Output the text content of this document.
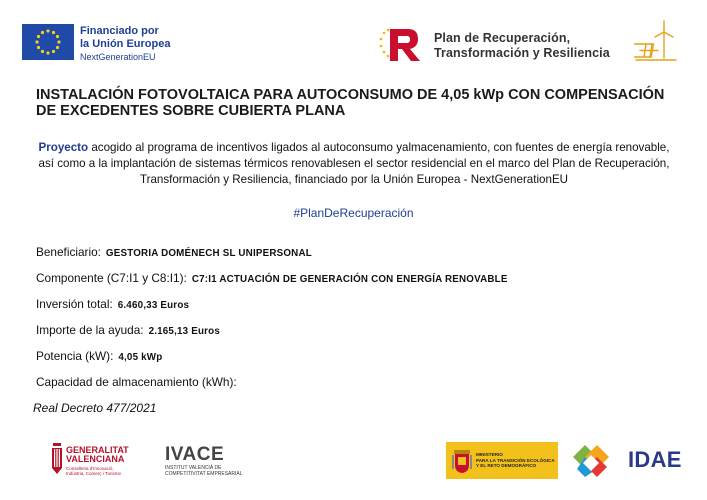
Financiado por
la Unión Europea
NextGenerationEU
Plan de Recuperación,
Transformación y Resiliencia
INSTALACIÓN FOTOVOLTAICA PARA AUTOCONSUMO DE 4,05 kWp CON COMPENSACIÓN DE EXCEDENTES SOBRE CUBIERTA PLANA
Proyecto acogido al programa de incentivos ligados al autoconsumo yalmacenamiento, con fuentes de energía renovable, así como a la implantación de sistemas térmicos renovablesen el sector residencial en el marco del Plan de Recuperación, Transformación y Resiliencia, financiado por la Unión Europea - NextGenerationEU
#PlanDeRecuperación
Beneficiario: GESTORIA DOMÉNECH SL UNIPERSONAL
Componente (C7:I1 y C8:I1): C7:I1 ACTUACIÓN DE GENERACIÓN CON ENERGÍA RENOVABLE
Inversión total: 6.460,33 Euros
Importe de la ayuda: 2.165,13 Euros
Potencia (kW): 4,05 kWp
Capacidad de almacenamiento (kWh):
Real Decreto 477/2021
GENERALITAT
VALENCIANA
Conselleria d'Innovació,
Indústria, Comerç i Turisme
IVACE
INSTITUT VALENCIÀ DE
COMPETITIVITAT EMPRESARIAL
MINISTERIO
PARA LA TRANSICIÓN ECOLÓGICA
Y EL RETO DEMOGRÁFICO	IDAE
